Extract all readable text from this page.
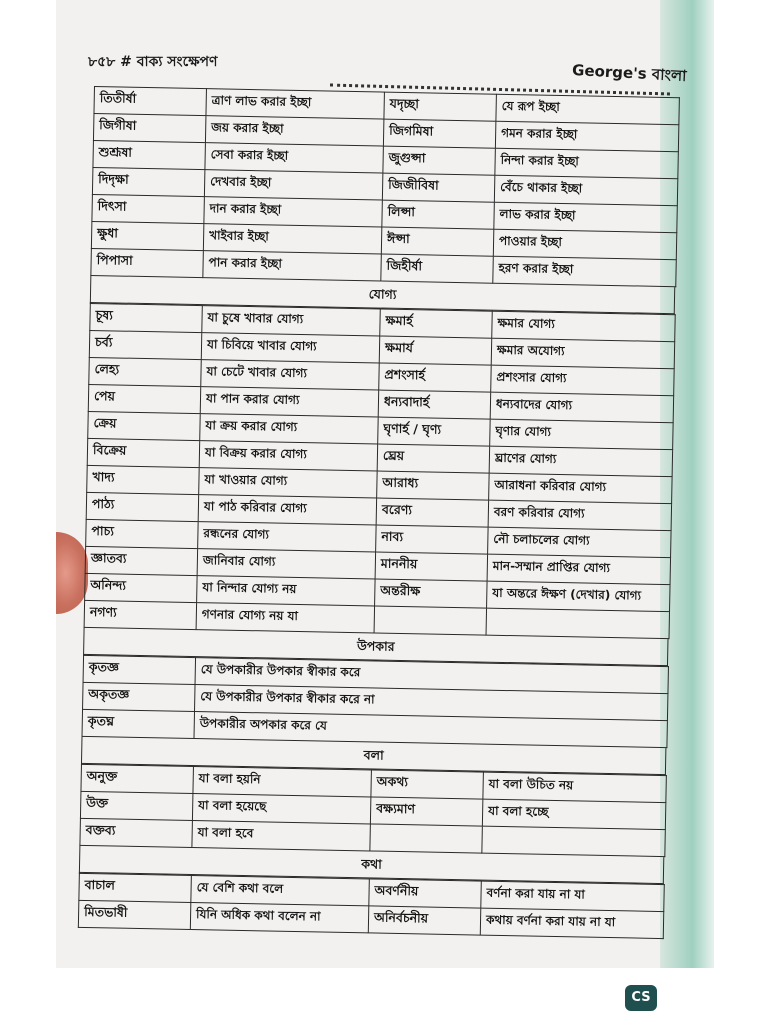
৮৫৮ # বাক্য সংক্ষেপণ	George's বাংলা
তিতীর্ষা	ত্রাণ লাভ করার ইচ্ছা	যদৃচ্ছা	যে রূপ ইচ্ছা
জিগীষা	জয় করার ইচ্ছা	জিগমিষা	গমন করার ইচ্ছা
শুশ্রূষা	সেবা করার ইচ্ছা	জুগুপ্সা	নিন্দা করার ইচ্ছা
দিদৃক্ষা	দেখবার ইচ্ছা	জিজীবিষা	বেঁচে থাকার ইচ্ছা
দিৎসা	দান করার ইচ্ছা	লিপ্সা	লাভ করার ইচ্ছা
ক্ষুধা	খাইবার ইচ্ছা	ঈপ্সা	পাওয়ার ইচ্ছা
পিপাসা	পান করার ইচ্ছা	জিহীর্ষা	হরণ করার ইচ্ছা
যোগ্য
চূষ্য	যা চুষে খাবার যোগ্য	ক্ষমার্হ	ক্ষমার যোগ্য
চর্ব্য	যা চিবিয়ে খাবার যোগ্য	ক্ষমার্য	ক্ষমার অযোগ্য
লেহ্য	যা চেটে খাবার যোগ্য	প্রশংসার্হ	প্রশংসার যোগ্য
পেয়	যা পান করার যোগ্য	ধন্যবাদার্হ	ধন্যবাদের যোগ্য
ক্রেয়	যা ক্রয় করার যোগ্য	ঘৃণার্হ / ঘৃণ্য	ঘৃণার যোগ্য
বিক্রেয়	যা বিক্রয় করার যোগ্য	ঘ্রেয়	ঘ্রাণের যোগ্য
খাদ্য	যা খাওয়ার যোগ্য	আরাধ্য	আরাধনা করিবার যোগ্য
পাঠ্য	যা পাঠ করিবার যোগ্য	বরেণ্য	বরণ করিবার যোগ্য
পাচ্য	রন্ধনের যোগ্য	নাব্য	নৌ চলাচলের যোগ্য
জ্ঞাতব্য	জানিবার যোগ্য	মাননীয়	মান-সম্মান প্রাপ্তির যোগ্য
অনিন্দ্য	যা নিন্দার যোগ্য নয়	অন্তরীক্ষ	যা অন্তরে ঈক্ষণ (দেখার) যোগ্য
নগণ্য	গণনার যোগ্য নয় যা		
উপকার
কৃতজ্ঞ	যে উপকারীর উপকার স্বীকার করে
অকৃতজ্ঞ	যে উপকারীর উপকার স্বীকার করে না
কৃতঘ্ন	উপকারীর অপকার করে যে
বলা
অনুক্ত	যা বলা হয়নি	অকথ্য	যা বলা উচিত নয়
উক্ত	যা বলা হয়েছে	বক্ষ্যমাণ	যা বলা হচ্ছে
বক্তব্য	যা বলা হবে		
কথা
বাচাল	যে বেশি কথা বলে	অবর্ণনীয়	বর্ণনা করা যায় না যা
মিতভাষী	যিনি অধিক কথা বলেন না	অনির্বচনীয়	কথায় বর্ণনা করা যায় না যা
CS
